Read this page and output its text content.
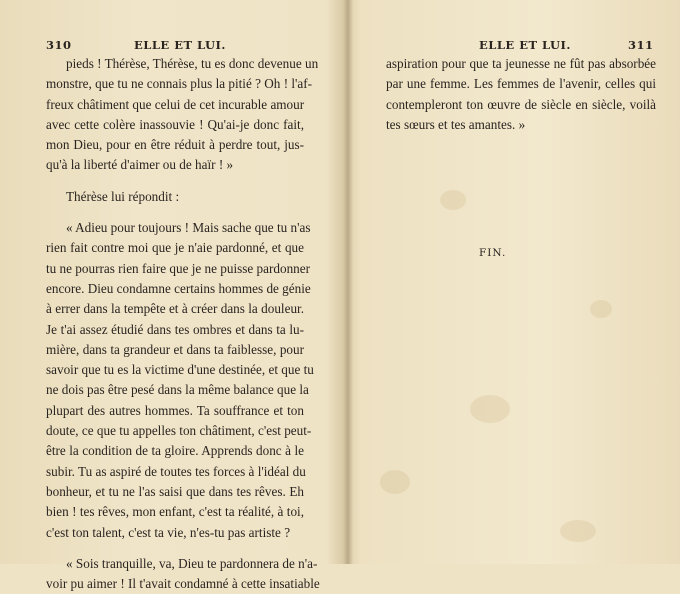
310	ELLE ET LUI.

pieds ! Thérèse, Thérèse, tu es donc devenue un
monstre, que tu ne connais plus la pitié ? Oh ! l'af-
freux châtiment que celui de cet incurable amour
avec cette colère inassouvie ! Qu'ai-je donc fait,
mon Dieu, pour en être réduit à perdre tout, jus-
qu'à la liberté d'aimer ou de haïr ! »

Thérèse lui répondit :

« Adieu pour toujours ! Mais sache que tu n'as
rien fait contre moi que je n'aie pardonné, et que
tu ne pourras rien faire que je ne puisse pardonner
encore. Dieu condamne certains hommes de génie
à errer dans la tempête et à créer dans la douleur.
Je t'ai assez étudié dans tes ombres et dans ta lu-
mière, dans ta grandeur et dans ta faiblesse, pour
savoir que tu es la victime d'une destinée, et que tu
ne dois pas être pesé dans la même balance que la
plupart des autres hommes. Ta souffrance et ton
doute, ce que tu appelles ton châtiment, c'est peut-
être la condition de ta gloire. Apprends donc à le
subir. Tu as aspiré de toutes tes forces à l'idéal du
bonheur, et tu ne l'as saisi que dans tes rêves. Eh
bien ! tes rêves, mon enfant, c'est ta réalité, à toi,
c'est ton talent, c'est ta vie, n'es-tu pas artiste ?

« Sois tranquille, va, Dieu te pardonnera de n'a-
voir pu aimer ! Il t'avait condamné à cette insatiable

ELLE ET LUI.	311
aspiration pour que ta jeunesse ne fût pas absorbée
par une femme. Les femmes de l'avenir, celles qui
contempleront ton œuvre de siècle en siècle, voilà
tes sœurs et tes amantes. »
FIN.
